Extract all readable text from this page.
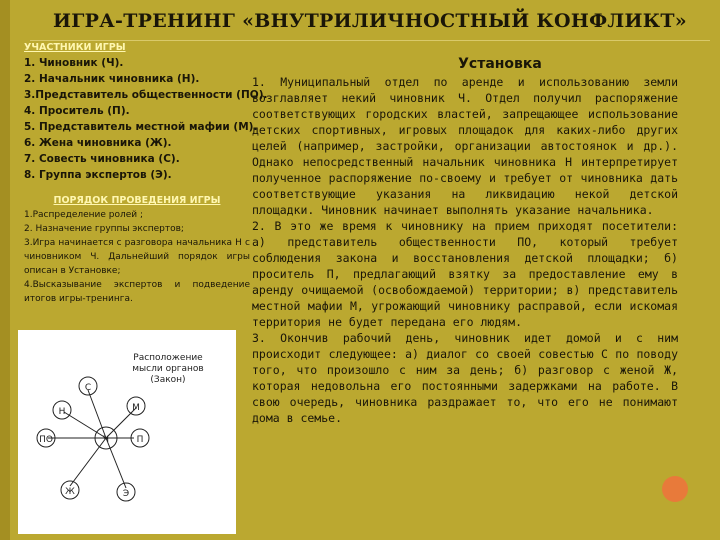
ИГРА-ТРЕНИНГ «ВНУТРИЛИЧНОСТНЫЙ КОНФЛИКТ»

УЧАСТНИКИ ИГРЫ

1. Чиновник (Ч).
2. Начальник чиновника (Н).
3.Представитель общественности (ПО).
4. Проситель (П).
5. Представитель местной мафии (М).
6. Жена чиновника (Ж).
7. Совесть чиновника (С).
8. Группа экспертов (Э).

ПОРЯДОК ПРОВЕДЕНИЯ ИГРЫ

1.Распределение ролей ;
2. Назначение группы экспертов;
3.Игра начинается с разговора начальника Н с чиновником Ч. Дальнейший порядок игры описан в Установке;
4.Высказывание экспертов и подведение итогов игры-тренинга.
Расположение
мысли органов
(Закон)
Ч
С
Н
ПО	П
М
Ж	Э

Установка

1. Муниципальный отдел по аренде и использованию земли возглавляет некий чиновник Ч. Отдел получил распоряжение соответствующих городских властей, запрещающее использование детских спортивных, игровых площадок для каких-либо других целей (например, застройки, организации автостоянок и др.). Однако непосредственный начальник чиновника Н интерпретирует полученное распоряжение по-своему и требует от чиновника дать соответствующие указания на ликвидацию некой детской площадки. Чиновник начинает выполнять указание начальника.

2. В это же время к чиновнику на прием приходят посетители: а) представитель общественности ПО, который требует соблюдения закона и восстановления детской площадки; б) проситель П, предлагающий взятку за предоставление ему в аренду очищаемой (освобождаемой) территории; в) представитель местной мафии М, угрожающий чиновнику расправой, если искомая территория не будет передана его людям.

3. Окончив рабочий день, чиновник идет домой и с ним происходит следующее: а) диалог со своей совестью С по поводу того, что произошло с ним за день; б) разговор с женой Ж, которая недовольна его постоянными задержками на работе. В свою очередь, чиновника раздражает то, что его не понимают дома в семье.
